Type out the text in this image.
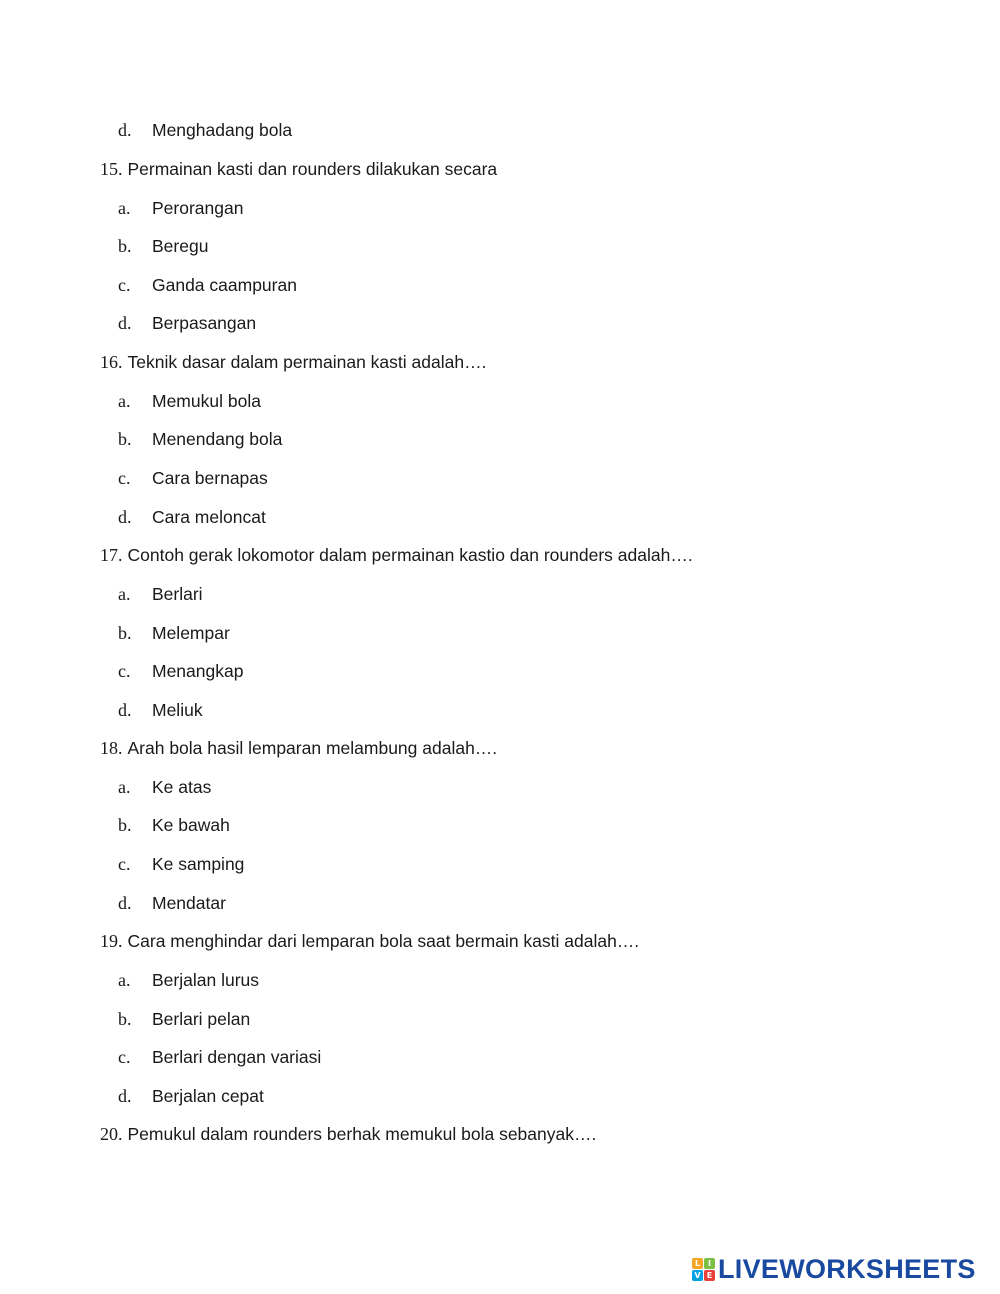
d. Menghadang bola
15. Permainan kasti dan rounders dilakukan secara
a. Perorangan
b. Beregu
c. Ganda caampuran
d. Berpasangan
16. Teknik dasar dalam permainan kasti adalah….
a. Memukul bola
b. Menendang bola
c. Cara bernapas
d. Cara meloncat
17. Contoh gerak lokomotor dalam permainan kastio dan rounders adalah….
a. Berlari
b. Melempar
c. Menangkap
d. Meliuk
18. Arah bola hasil lemparan melambung adalah….
a. Ke atas
b. Ke bawah
c. Ke samping
d. Mendatar
19. Cara menghindar dari lemparan bola saat bermain kasti adalah….
a. Berjalan lurus
b. Berlari pelan
c. Berlari dengan variasi
d. Berjalan cepat
20. Pemukul dalam rounders berhak memukul bola sebanyak….
L I
V E LIVEWORKSHEETS
